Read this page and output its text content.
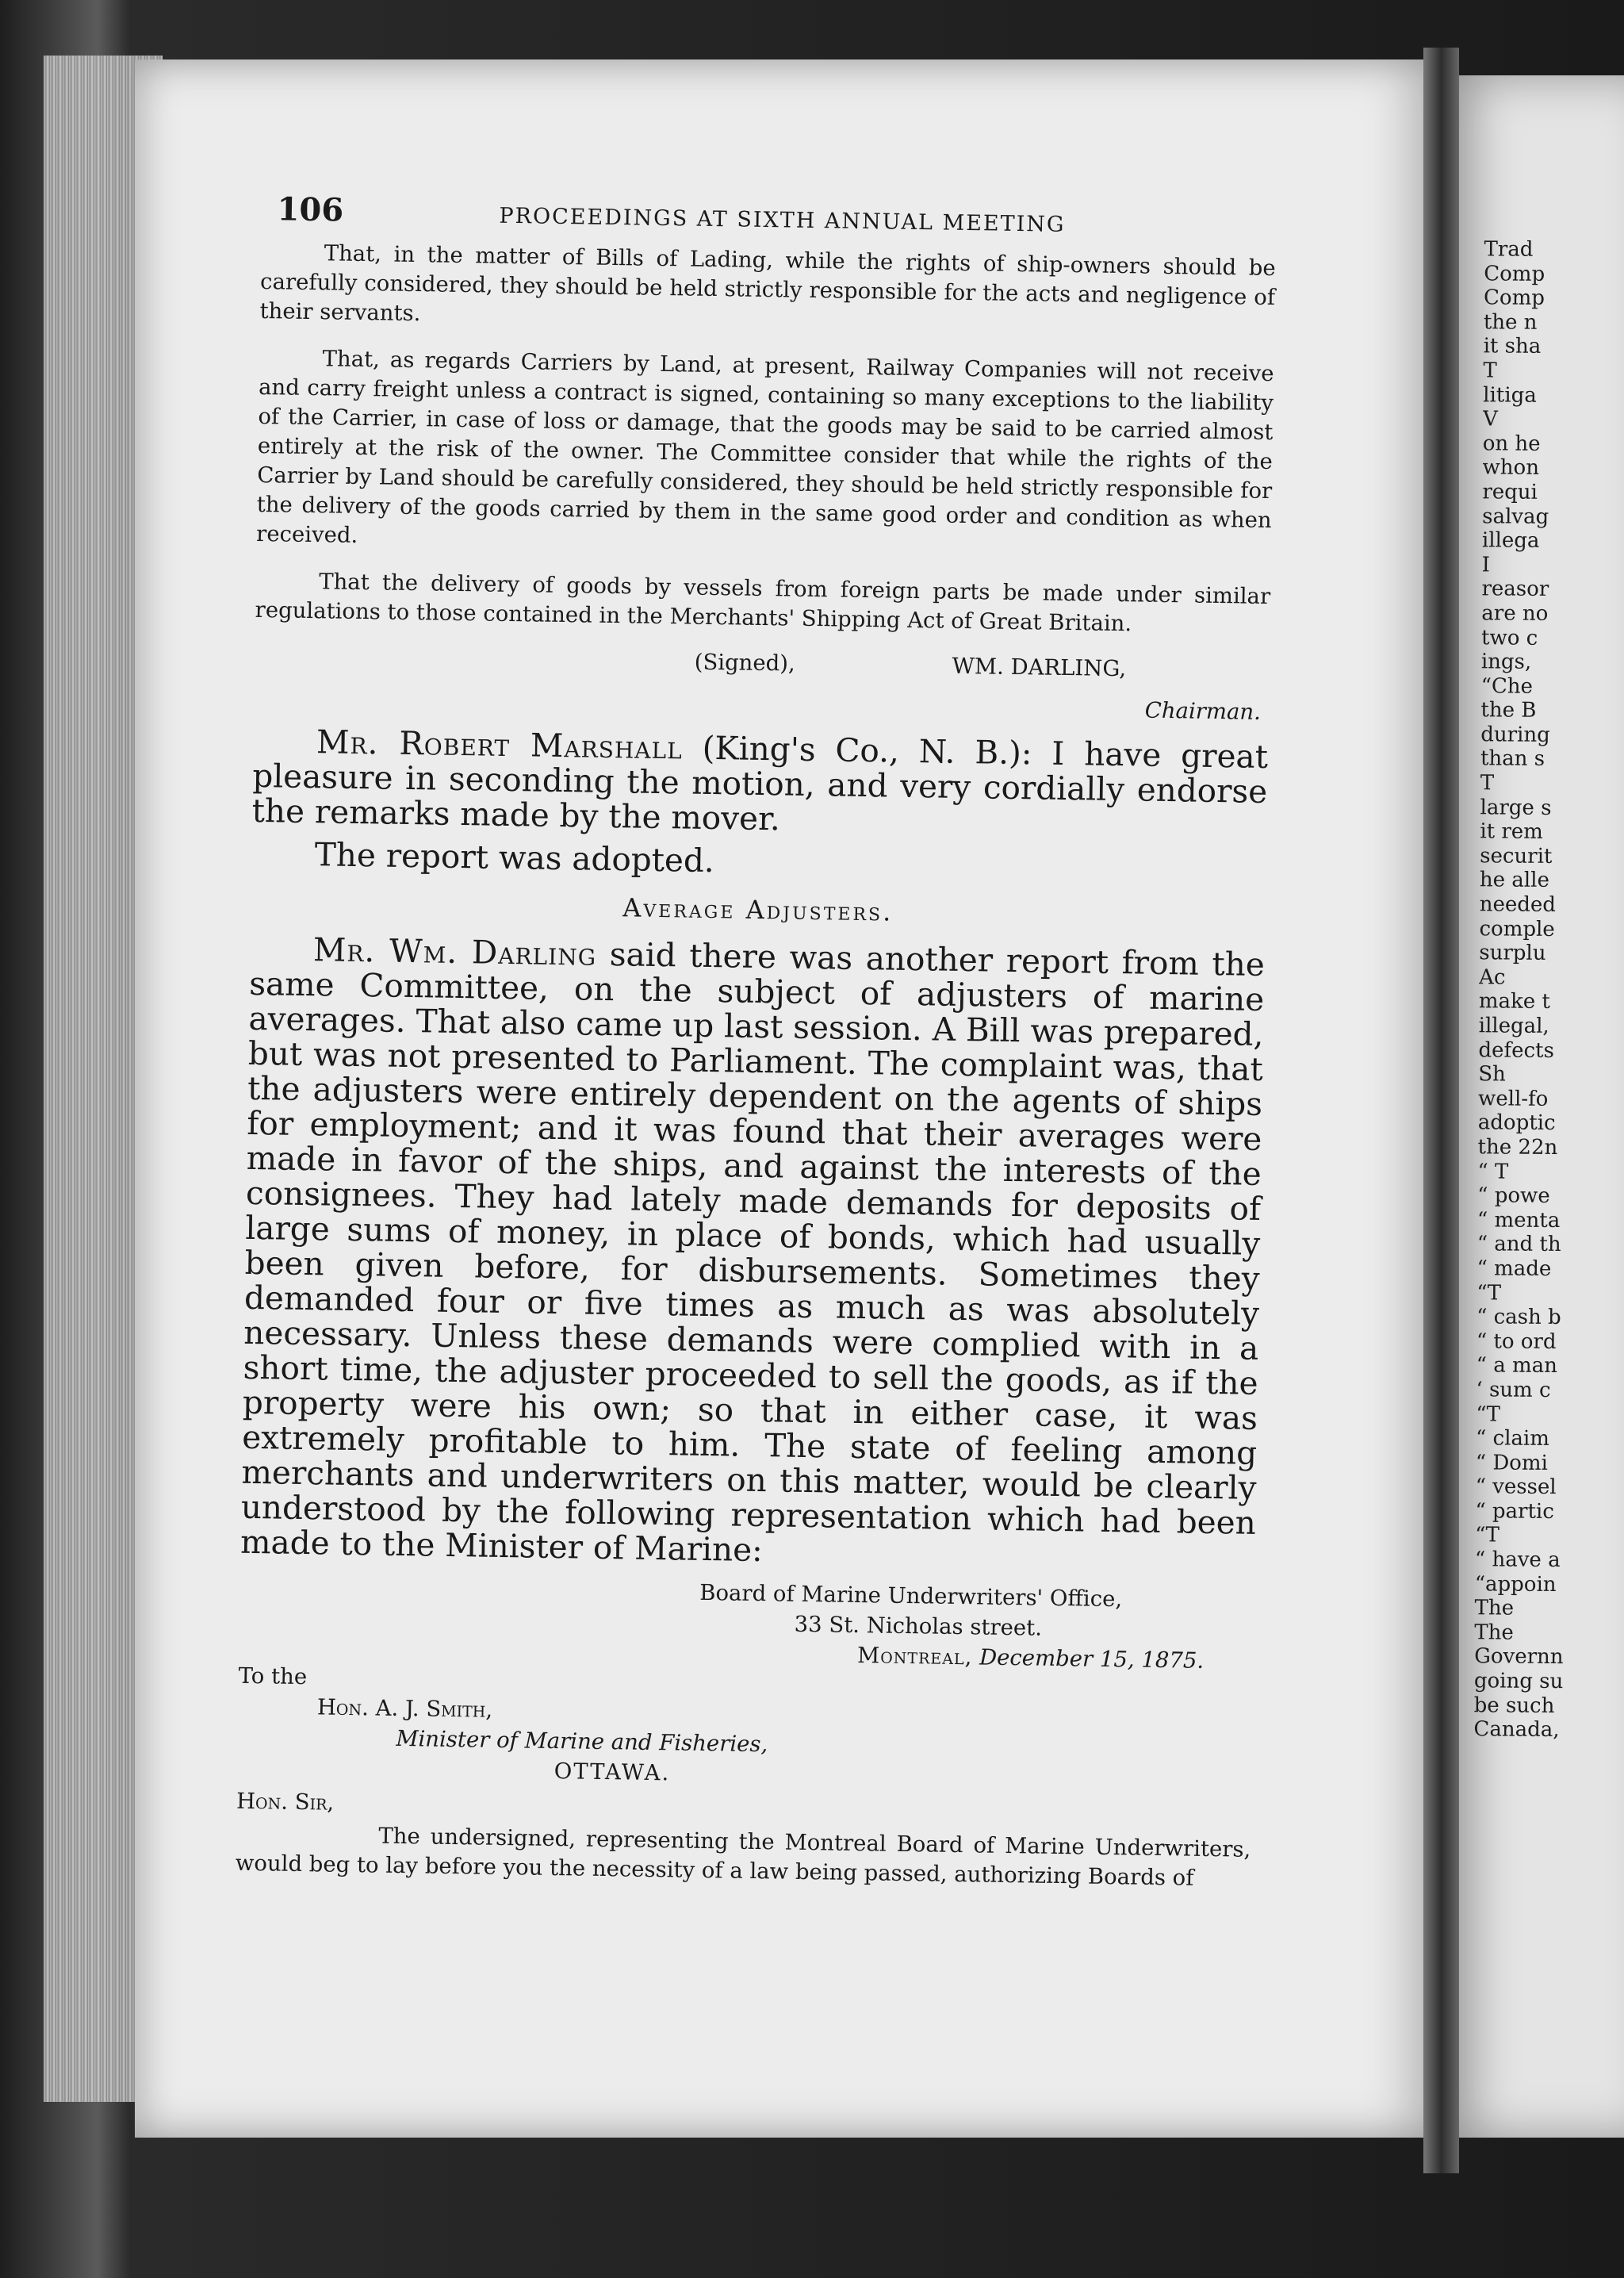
106	PROCEEDINGS AT SIXTH ANNUAL MEETING

That, in the matter of Bills of Lading, while the rights of ship-owners should be carefully considered, they should be held strictly responsible for the acts and negligence of their servants.

That, as regards Carriers by Land, at present, Railway Companies will not receive and carry freight unless a contract is signed, containing so many exceptions to the liability of the Carrier, in case of loss or damage, that the goods may be said to be carried almost entirely at the risk of the owner. The Committee consider that while the rights of the Carrier by Land should be carefully considered, they should be held strictly responsible for the delivery of the goods carried by them in the same good order and condition as when received.

That the delivery of goods by vessels from foreign parts be made under similar regulations to those contained in the Merchants' Shipping Act of Great Britain.

(Signed),	WM. DARLING,
Chairman.

Mr. Robert Marshall (King's Co., N. B.): I have great pleasure in seconding the motion, and very cordially endorse the remarks made by the mover.

The report was adopted.

Average Adjusters.

Mr. Wm. Darling said there was another report from the same Committee, on the subject of adjusters of marine averages. That also came up last session. A Bill was prepared, but was not presented to Parliament. The complaint was, that the adjusters were entirely dependent on the agents of ships for employment; and it was found that their averages were made in favor of the ships, and against the interests of the consignees. They had lately made demands for deposits of large sums of money, in place of bonds, which had usually been given before, for disbursements. Sometimes they demanded four or five times as much as was absolutely necessary. Unless these demands were complied with in a short time, the adjuster proceeded to sell the goods, as if the property were his own; so that in either case, it was extremely profitable to him. The state of feeling among merchants and underwriters on this matter, would be clearly understood by the following representation which had been made to the Minister of Marine:

Board of Marine Underwriters' Office,
33 St. Nicholas street.
Montreal, December 15, 1875.
To the
Hon. A. J. Smith,
Minister of Marine and Fisheries,
OTTAWA.
Hon. Sir,

The undersigned, representing the Montreal Board of Marine Underwriters, would beg to lay before you the necessity of a law being passed, authorizing Boards of

Trad
Comp
Comp
the n
it sha
T
litiga
V
on he
whon
requi
salvag
illega
I
reasor
are no
two c
ings,
“Che
the B
during
than s
T
large s
it rem
securit
he alle
needed
comple
surplu
Ac
make t
illegal,
defects
Sh
well-fo
adoptic
the 22n
“ T
“ powe
“ menta
“ and th
“ made
“T
“ cash b
“ to ord
“ a man
‘ sum c
“T
“ claim
“ Domi
“ vessel
“ partic
“T
“ have a
“appoin
The
The
Governn
going su
be such
Canada,
